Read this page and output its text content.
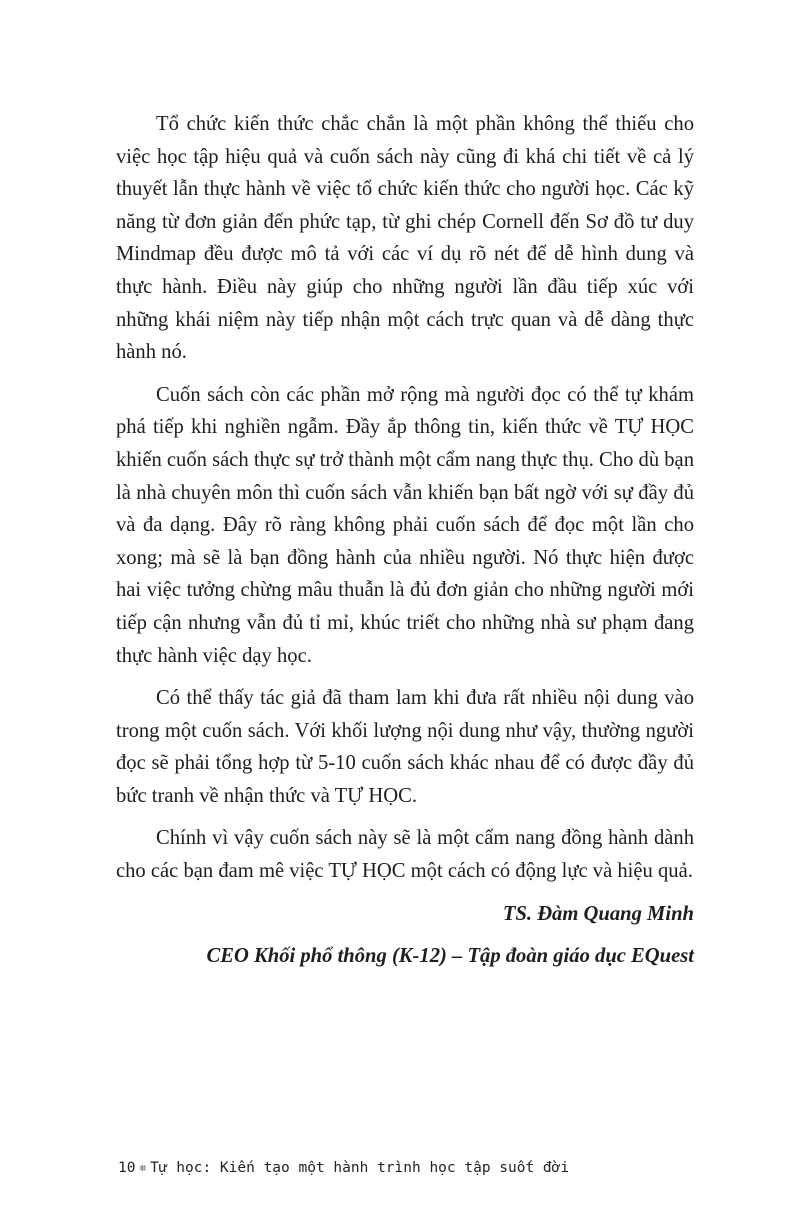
Tổ chức kiến thức chắc chắn là một phần không thể thiếu cho việc học tập hiệu quả và cuốn sách này cũng đi khá chi tiết về cả lý thuyết lẫn thực hành về việc tổ chức kiến thức cho người học. Các kỹ năng từ đơn giản đến phức tạp, từ ghi chép Cornell đến Sơ đồ tư duy Mindmap đều được mô tả với các ví dụ rõ nét để dễ hình dung và thực hành. Điều này giúp cho những người lần đầu tiếp xúc với những khái niệm này tiếp nhận một cách trực quan và dễ dàng thực hành nó.

Cuốn sách còn các phần mở rộng mà người đọc có thể tự khám phá tiếp khi nghiền ngẫm. Đầy ắp thông tin, kiến thức về TỰ HỌC khiến cuốn sách thực sự trở thành một cẩm nang thực thụ. Cho dù bạn là nhà chuyên môn thì cuốn sách vẫn khiến bạn bất ngờ với sự đầy đủ và đa dạng. Đây rõ ràng không phải cuốn sách để đọc một lần cho xong; mà sẽ là bạn đồng hành của nhiều người. Nó thực hiện được hai việc tưởng chừng mâu thuẫn là đủ đơn giản cho những người mới tiếp cận nhưng vẫn đủ tỉ mỉ, khúc triết cho những nhà sư phạm đang thực hành việc dạy học.

Có thể thấy tác giả đã tham lam khi đưa rất nhiều nội dung vào trong một cuốn sách. Với khối lượng nội dung như vậy, thường người đọc sẽ phải tổng hợp từ 5-10 cuốn sách khác nhau để có được đầy đủ bức tranh về nhận thức và TỰ HỌC.

Chính vì vậy cuốn sách này sẽ là một cẩm nang đồng hành dành cho các bạn đam mê việc TỰ HỌC một cách có động lực và hiệu quả.

TS. Đàm Quang Minh

CEO Khối phổ thông (K-12) – Tập đoàn giáo dục EQuest

10 ❊ Tự học: Kiến tạo một hành trình học tập suốt đời
